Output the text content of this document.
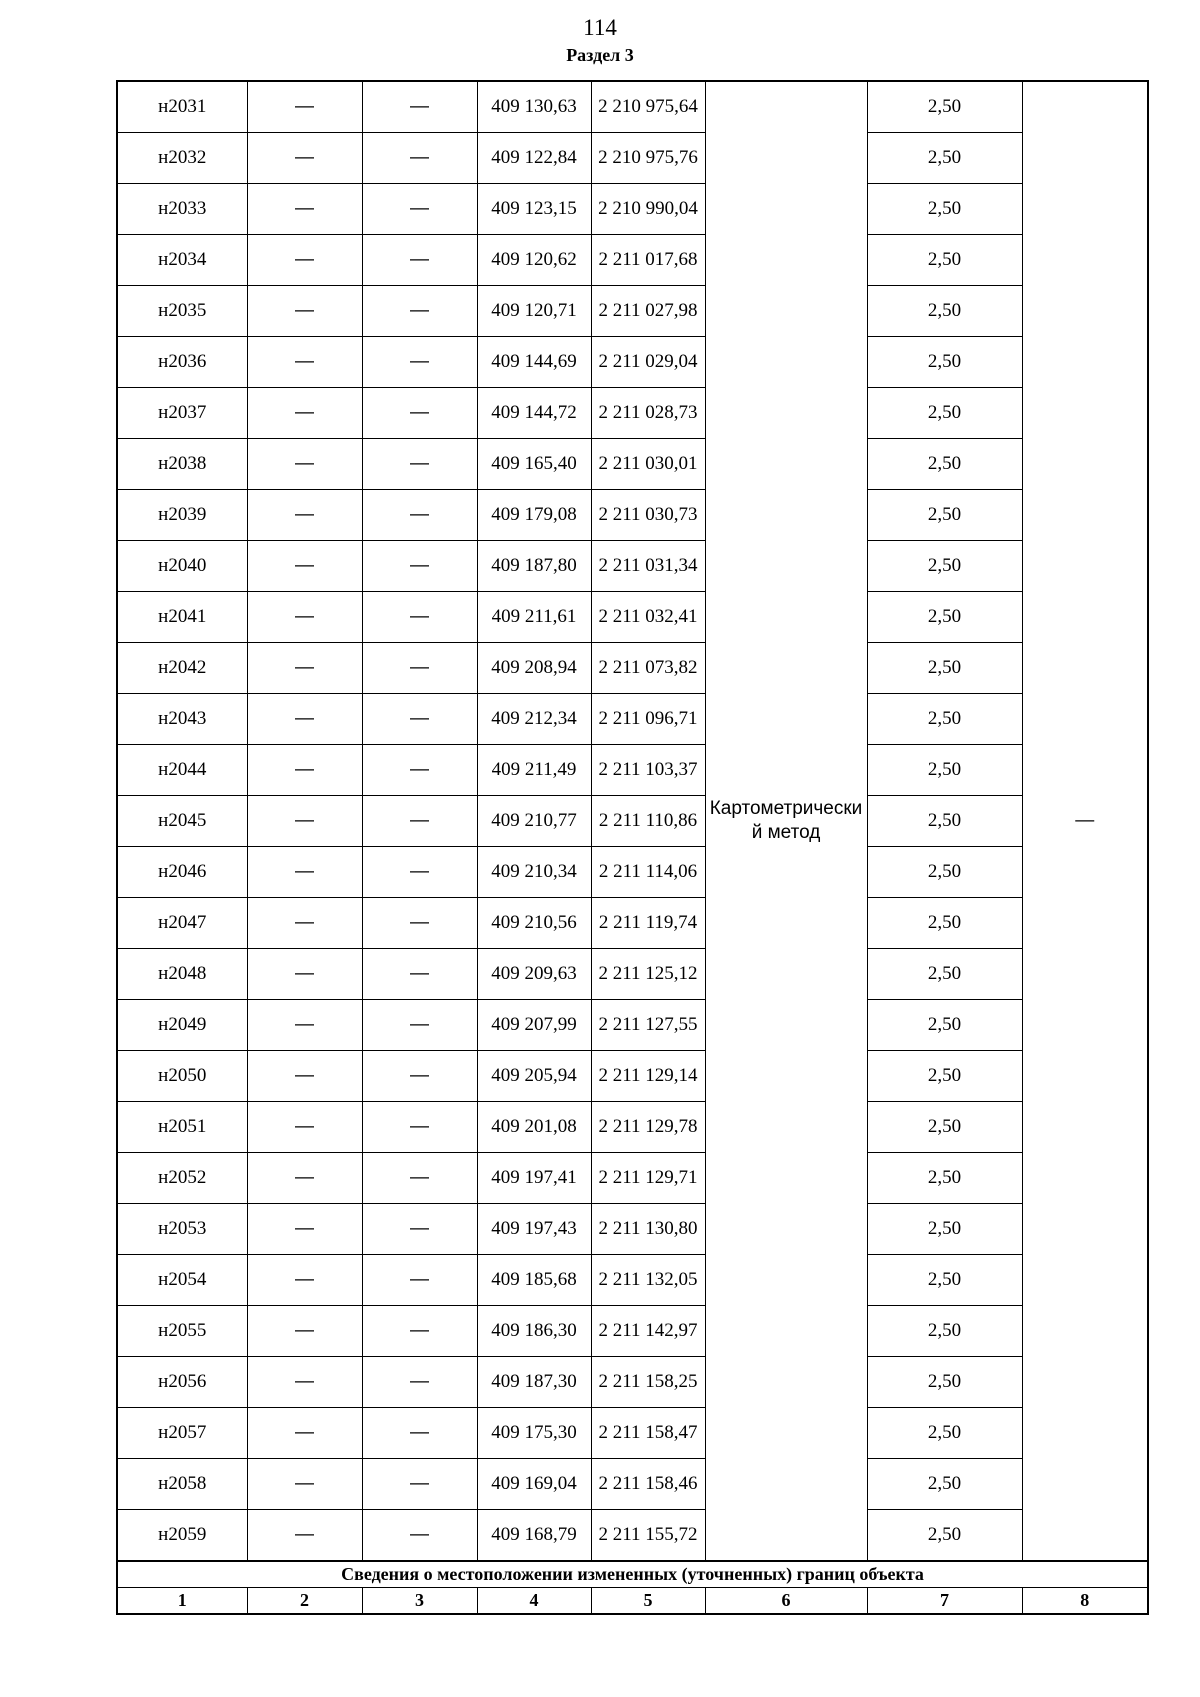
114
Раздел 3
н2031	—	—	409 130,63	2 210 975,64	Картометрически й метод	2,50	—
н2032	—	—	409 122,84	2 210 975,76		2,50	
н2033	—	—	409 123,15	2 210 990,04		2,50	
н2034	—	—	409 120,62	2 211 017,68		2,50	
н2035	—	—	409 120,71	2 211 027,98		2,50	
н2036	—	—	409 144,69	2 211 029,04		2,50	
н2037	—	—	409 144,72	2 211 028,73		2,50	
н2038	—	—	409 165,40	2 211 030,01		2,50	
н2039	—	—	409 179,08	2 211 030,73		2,50	
н2040	—	—	409 187,80	2 211 031,34		2,50	
н2041	—	—	409 211,61	2 211 032,41		2,50	
н2042	—	—	409 208,94	2 211 073,82		2,50	
н2043	—	—	409 212,34	2 211 096,71		2,50	
н2044	—	—	409 211,49	2 211 103,37		2,50	
н2045	—	—	409 210,77	2 211 110,86		2,50	
н2046	—	—	409 210,34	2 211 114,06		2,50	
н2047	—	—	409 210,56	2 211 119,74		2,50	
н2048	—	—	409 209,63	2 211 125,12		2,50	
н2049	—	—	409 207,99	2 211 127,55		2,50	
н2050	—	—	409 205,94	2 211 129,14		2,50	
н2051	—	—	409 201,08	2 211 129,78		2,50	
н2052	—	—	409 197,41	2 211 129,71		2,50	
н2053	—	—	409 197,43	2 211 130,80		2,50	
н2054	—	—	409 185,68	2 211 132,05		2,50	
н2055	—	—	409 186,30	2 211 142,97		2,50	
н2056	—	—	409 187,30	2 211 158,25		2,50	
н2057	—	—	409 175,30	2 211 158,47		2,50	
н2058	—	—	409 169,04	2 211 158,46		2,50	
н2059	—	—	409 168,79	2 211 155,72		2,50	
Сведения о местоположении измененных (уточненных) границ объекта							
1	2	3	4	5	6	7	8
